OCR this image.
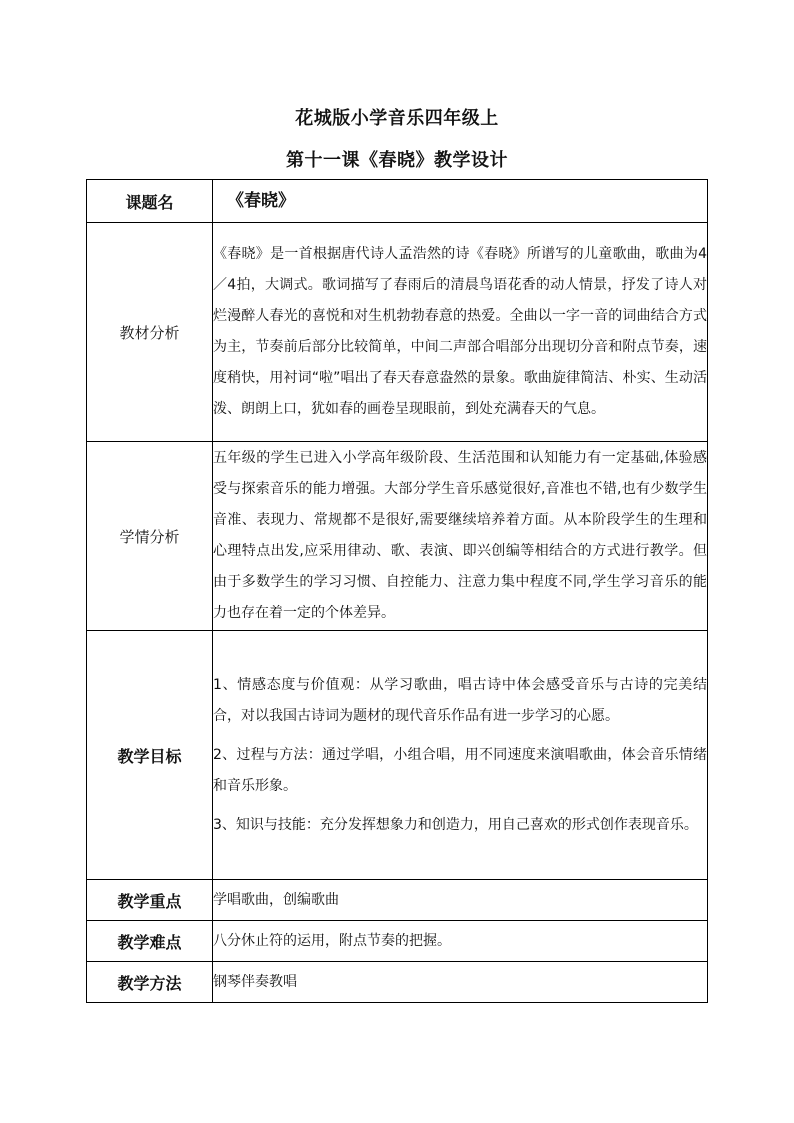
花城版小学音乐四年级上
第十一课《春晓》教学设计
课题名	《春晓》
教材分析	《春晓》是一首根据唐代诗人孟浩然的诗《春晓》所谱写的儿童歌曲，歌曲为4／4拍，大调式。歌词描写了春雨后的清晨鸟语花香的动人情景，抒发了诗人对烂漫醉人春光的喜悦和对生机勃勃春意的热爱。全曲以一字一音的词曲结合方式为主，节奏前后部分比较简单，中间二声部合唱部分出现切分音和附点节奏，速度稍快，用衬词“啦”唱出了春天春意盎然的景象。歌曲旋律简洁、朴实、生动活泼、朗朗上口，犹如春的画卷呈现眼前，到处充满春天的气息。
学情分析	五年级的学生已进入小学高年级阶段、生活范围和认知能力有一定基础,体验感受与探索音乐的能力增强。大部分学生音乐感觉很好,音准也不错,也有少数学生音准、表现力、常规都不是很好,需要继续培养着方面。从本阶段学生的生理和心理特点出发,应采用律动、歌、表演、即兴创编等相结合的方式进行教学。但由于多数学生的学习习惯、自控能力、注意力集中程度不同,学生学习音乐的能力也存在着一定的个体差异。
教学目标	1、情感态度与价值观：从学习歌曲，唱古诗中体会感受音乐与古诗的完美结合，对以我国古诗词为题材的现代音乐作品有进一步学习的心愿。

2、过程与方法：通过学唱，小组合唱，用不同速度来演唱歌曲，体会音乐情绪和音乐形象。

3、知识与技能：充分发挥想象力和创造力，用自己喜欢的形式创作表现音乐。

教学重点	学唱歌曲，创编歌曲
教学难点	八分休止符的运用，附点节奏的把握。
教学方法	钢琴伴奏教唱
